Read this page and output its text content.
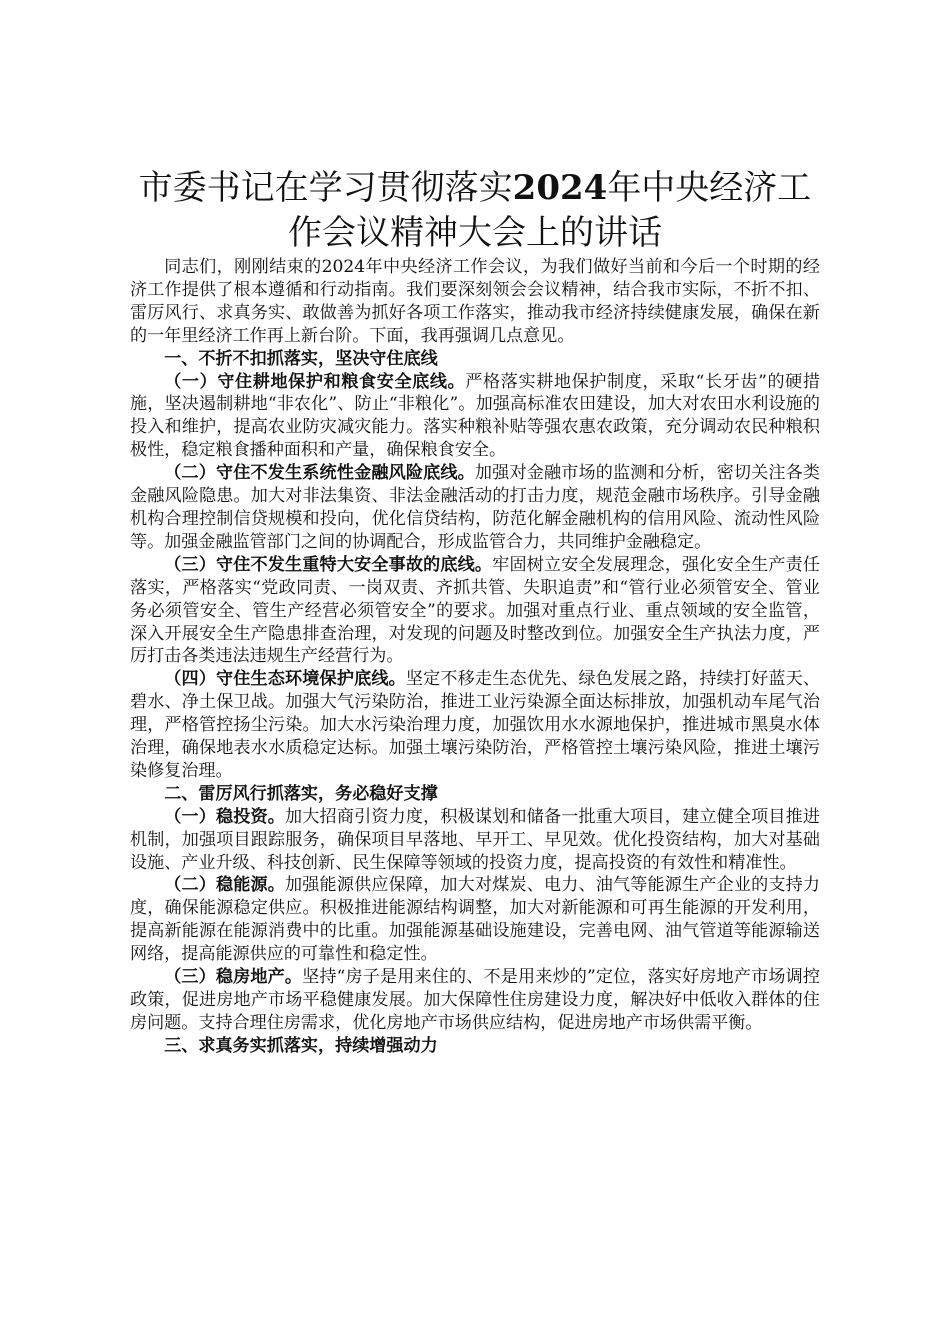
市委书记在学习贯彻落实2024年中央经济工作会议精神大会上的讲话

同志们，刚刚结束的2024年中央经济工作会议，为我们做好当前和今后一个时期的经济工作提供了根本遵循和行动指南。我们要深刻领会会议精神，结合我市实际，不折不扣、雷厉风行、求真务实、敢做善为抓好各项工作落实，推动我市经济持续健康发展，确保在新的一年里经济工作再上新台阶。下面，我再强调几点意见。

一、不折不扣抓落实，坚决守住底线

（一）守住耕地保护和粮食安全底线。严格落实耕地保护制度，采取“长牙齿”的硬措施，坚决遏制耕地“非农化”、防止“非粮化”。加强高标准农田建设，加大对农田水利设施的投入和维护，提高农业防灾减灾能力。落实种粮补贴等强农惠农政策，充分调动农民种粮积极性，稳定粮食播种面积和产量，确保粮食安全。

（二）守住不发生系统性金融风险底线。加强对金融市场的监测和分析，密切关注各类金融风险隐患。加大对非法集资、非法金融活动的打击力度，规范金融市场秩序。引导金融机构合理控制信贷规模和投向，优化信贷结构，防范化解金融机构的信用风险、流动性风险等。加强金融监管部门之间的协调配合，形成监管合力，共同维护金融稳定。

（三）守住不发生重特大安全事故的底线。牢固树立安全发展理念，强化安全生产责任落实，严格落实“党政同责、一岗双责、齐抓共管、失职追责”和“管行业必须管安全、管业务必须管安全、管生产经营必须管安全”的要求。加强对重点行业、重点领域的安全监管，深入开展安全生产隐患排查治理，对发现的问题及时整改到位。加强安全生产执法力度，严厉打击各类违法违规生产经营行为。

（四）守住生态环境保护底线。坚定不移走生态优先、绿色发展之路，持续打好蓝天、碧水、净土保卫战。加强大气污染防治，推进工业污染源全面达标排放，加强机动车尾气治理，严格管控扬尘污染。加大水污染治理力度，加强饮用水水源地保护，推进城市黑臭水体治理，确保地表水水质稳定达标。加强土壤污染防治，严格管控土壤污染风险，推进土壤污染修复治理。

二、雷厉风行抓落实，务必稳好支撑

（一）稳投资。加大招商引资力度，积极谋划和储备一批重大项目，建立健全项目推进机制，加强项目跟踪服务，确保项目早落地、早开工、早见效。优化投资结构，加大对基础设施、产业升级、科技创新、民生保障等领域的投资力度，提高投资的有效性和精准性。

（二）稳能源。加强能源供应保障，加大对煤炭、电力、油气等能源生产企业的支持力度，确保能源稳定供应。积极推进能源结构调整，加大对新能源和可再生能源的开发利用，提高新能源在能源消费中的比重。加强能源基础设施建设，完善电网、油气管道等能源输送网络，提高能源供应的可靠性和稳定性。

（三）稳房地产。坚持“房子是用来住的、不是用来炒的”定位，落实好房地产市场调控政策，促进房地产市场平稳健康发展。加大保障性住房建设力度，解决好中低收入群体的住房问题。支持合理住房需求，优化房地产市场供应结构，促进房地产市场供需平衡。

三、求真务实抓落实，持续增强动力
